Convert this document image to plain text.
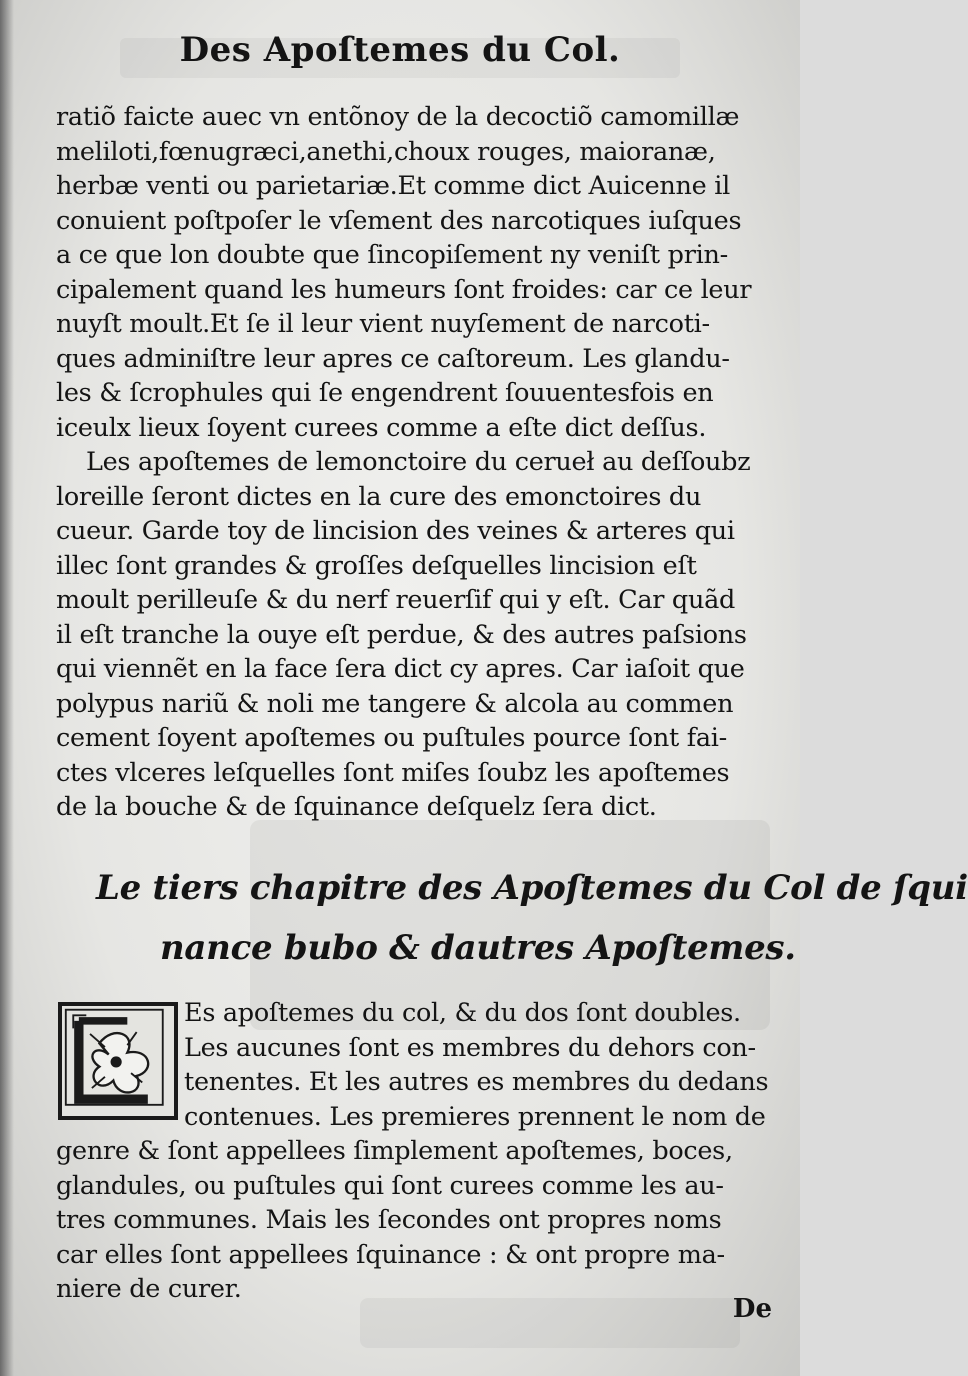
Des Apoſtemes du Col.
ratiõ faicte auec vn entõnoy de la decoctiõ camomillæ
meliloti,fœnugræci,anethi,choux rouges, maioranæ,
herbæ venti ou parietariæ.Et comme dict Auicenne il
conuient poſtpoſer le vſement des narcotiques iuſques
a ce que lon doubte que ſincopiſement ny veniſt prin-
cipalement quand les humeurs ſont froides: car ce leur
nuyſt moult.Et ſe il leur vient nuyſement de narcoti-
ques adminiſtre leur apres ce caſtoreum. Les glandu-
les & ſcrophules qui ſe engendrent ſouuentesfois en
iceulx lieux ſoyent curees comme a eſte dict deſſus.
Les apoſtemes de lemonctoire du cerueł au deſſoubz
loreille ſeront dictes en la cure des emonctoires du
cueur. Garde toy de lincision des veines & arteres qui
illec ſont grandes & groſſes deſquelles lincision eſt
moult perilleuſe & du nerf reuerſif qui y eſt. Car quãd
il eſt tranche la ouye eſt perdue, & des autres paſsions
qui viennẽt en la face ſera dict cy apres. Car iaſoit que
polypus nariũ & noli me tangere & alcola au commen
cement ſoyent apoſtemes ou puſtules pource ſont fai-
ctes vlceres leſquelles ſont miſes ſoubz les apoſtemes
de la bouche & de ſquinance deſquelz ſera dict.
Le tiers chapitre des Apoſtemes du Col de ſqui
nance bubo & dautres Apoſtemes.
Es apoſtemes du col, & du dos ſont doubles.
Les aucunes ſont es membres du dehors con-
tenentes. Et les autres es membres du dedans
contenues. Les premieres prennent le nom de
genre & ſont appellees ſimplement apoſtemes, boces,
glandules, ou puſtules qui ſont curees comme les au-
tres communes. Mais les ſecondes ont propres noms
car elles ſont appellees ſquinance : & ont propre ma-
niere de curer.
De
